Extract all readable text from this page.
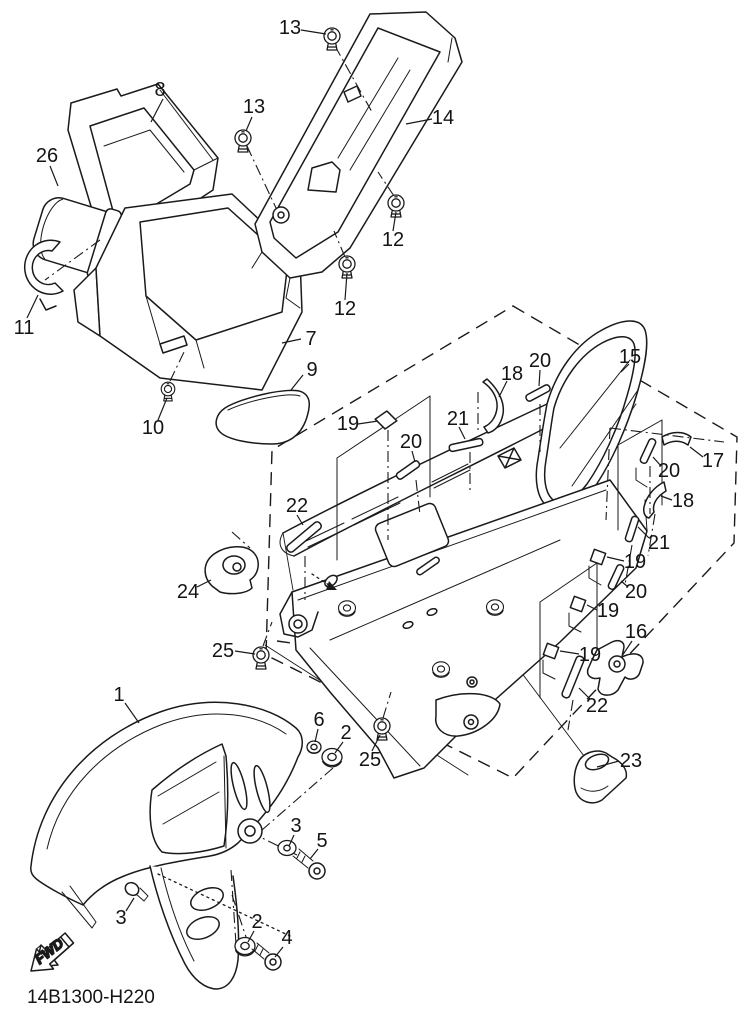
FWD
14B1300-H220
13
8
13
26
14
12
12
11	7
9
10
15
20
18
21
19
20
17
20
18
21
22
19
20
19
16
19
22
24
25
25	23
1
6
2
3
5
3	2
4
